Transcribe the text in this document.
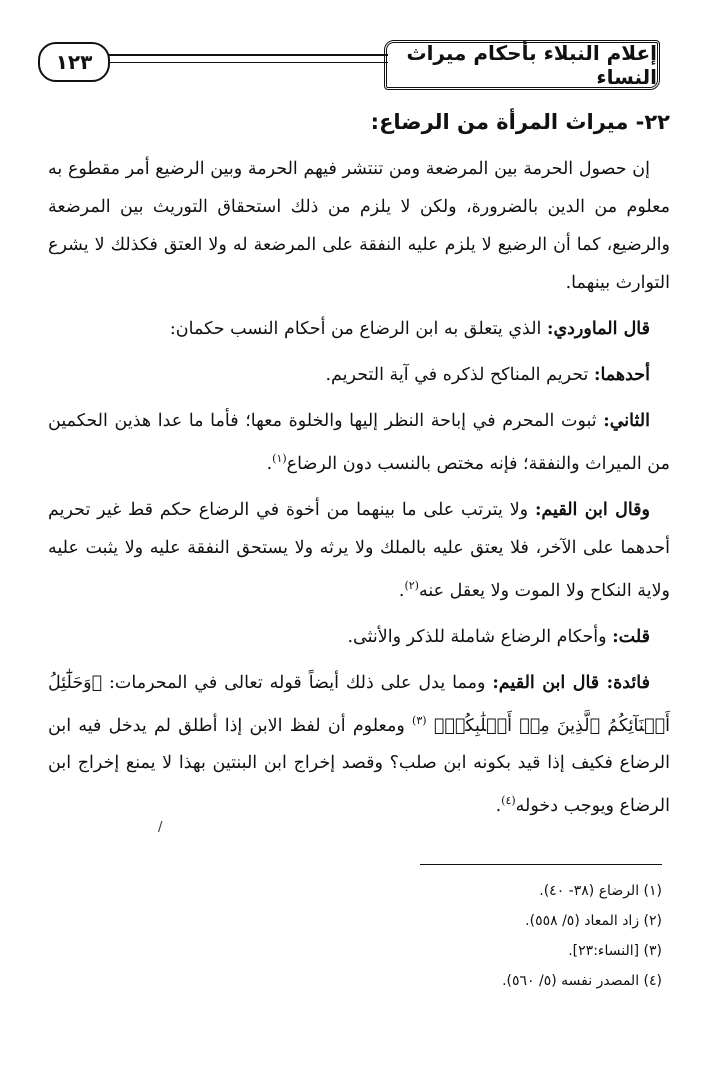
إعلام النبلاء بأحكام ميراث النساء
١٢٣
٢٢- ميراث المرأة من الرضاع:

إن حصول الحرمة بين المرضعة ومن تنتشر فيهم الحرمة وبين الرضيع أمر مقطوع به معلوم من الدين بالضرورة، ولكن لا يلزم من ذلك استحقاق التوريث بين المرضعة والرضيع، كما أن الرضيع لا يلزم عليه النفقة على المرضعة له ولا العتق فكذلك لا يشرع التوارث بينهما.

قال الماوردي: الذي يتعلق به ابن الرضاع من أحكام النسب حكمان:

أحدهما: تحريم المناكح لذكره في آية التحريم.

الثاني: ثبوت المحرم في إباحة النظر إليها والخلوة معها؛ فأما ما عدا هذين الحكمين من الميراث والنفقة؛ فإنه مختص بالنسب دون الرضاع$^{(١)}$.

وقال ابن القيم: ولا يترتب على ما بينهما من أخوة في الرضاع حكم قط غير تحريم أحدهما على الآخر، فلا يعتق عليه بالملك ولا يرثه ولا يستحق النفقة عليه ولا يثبت عليه ولاية النكاح ولا الموت ولا يعقل عنه$^{(٢)}$.

قلت: وأحكام الرضاع شاملة للذكر والأنثى.

فائدة: قال ابن القيم: ومما يدل على ذلك أيضاً قوله تعالى في المحرمات: ﴿وَحَلَٰٓئِلُ أَبۡنَآئِكُمُ ٱلَّذِينَ مِنۡ أَصۡلَٰبِكُمۡ﴾ $^{(٣)}$ ومعلوم أن لفظ الابن إذا أطلق لم يدخل فيه ابن الرضاع فكيف إذا قيد بكونه ابن صلب؟ وقصد إخراج ابن البنتين بهذا لا يمنع إخراج ابن الرضاع ويوجب دخوله$^{(٤)}$.

/
(١) الرضاع (٣٨- ٤٠).
(٢) زاد المعاد (٥/ ٥٥٨).
(٣) [النساء:٢٣].
(٤) المصدر نفسه (٥/ ٥٦٠).
